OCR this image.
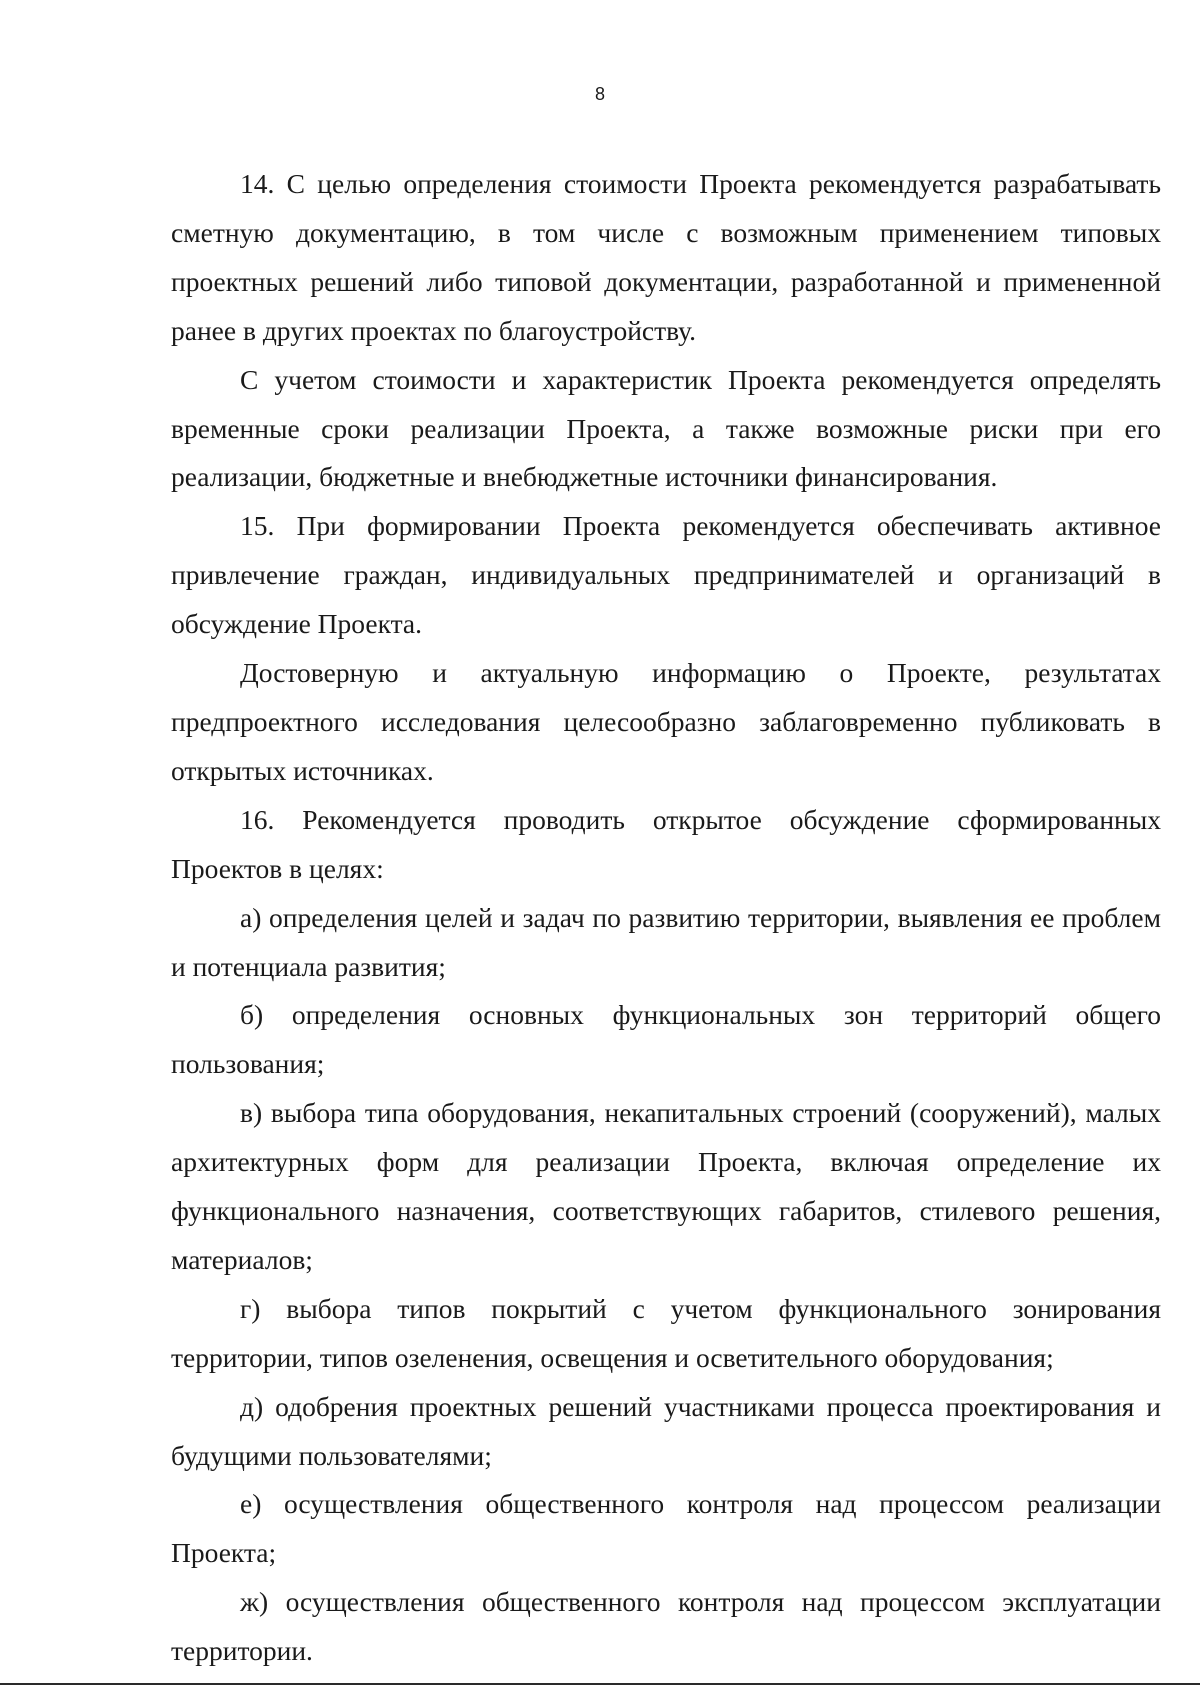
8

14. С целью определения стоимости Проекта рекомендуется разрабатывать сметную документацию, в том числе с возможным применением типовых проектных решений либо типовой документации, разработанной и примененной ранее в других проектах по благоустройству.

С учетом стоимости и характеристик Проекта рекомендуется определять временные сроки реализации Проекта, а также возможные риски при его реализации, бюджетные и внебюджетные источники финансирования.

15. При формировании Проекта рекомендуется обеспечивать активное привлечение граждан, индивидуальных предпринимателей и организаций в обсуждение Проекта.

Достоверную и актуальную информацию о Проекте, результатах предпроектного исследования целесообразно заблаговременно публиковать в открытых источниках.

16. Рекомендуется проводить открытое обсуждение сформированных Проектов в целях:

а) определения целей и задач по развитию территории, выявления ее проблем и потенциала развития;

б) определения основных функциональных зон территорий общего пользования;

в) выбора типа оборудования, некапитальных строений (сооружений), малых архитектурных форм для реализации Проекта, включая определение их функционального назначения, соответствующих габаритов, стилевого решения, материалов;

г) выбора типов покрытий с учетом функционального зонирования территории, типов озеленения, освещения и осветительного оборудования;

д) одобрения проектных решений участниками процесса проектирования и будущими пользователями;

е) осуществления общественного контроля над процессом реализации Проекта;

ж) осуществления общественного контроля над процессом эксплуатации территории.
